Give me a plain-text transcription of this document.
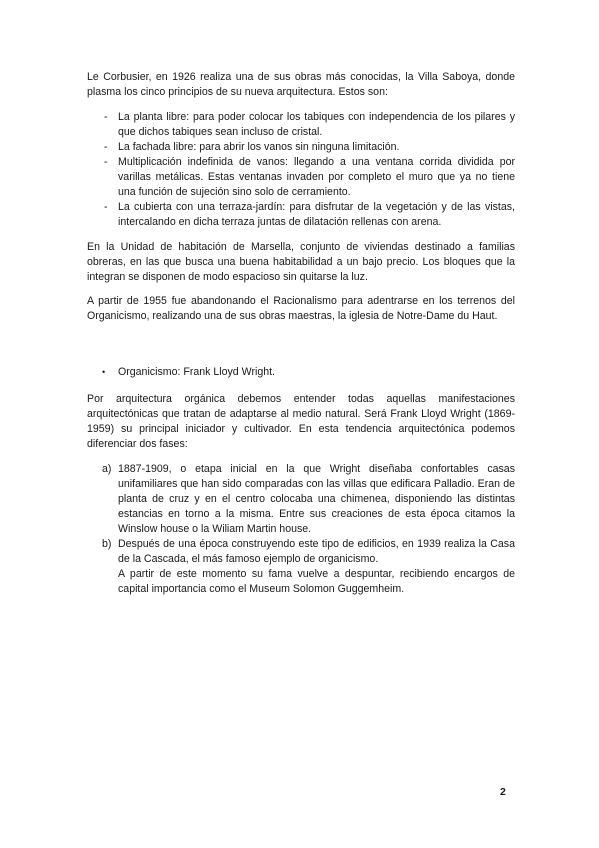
Le Corbusier, en 1926 realiza una de sus obras más conocidas, la Villa Saboya, donde plasma los cinco principios de su nueva arquitectura. Estos son:

- La planta libre: para poder colocar los tabiques con independencia de los pilares y que dichos tabiques sean incluso de cristal.
- La fachada libre: para abrir los vanos sin ninguna limitación.
- Multiplicación indefinida de vanos: llegando a una ventana corrida dividida por varillas metálicas. Estas ventanas invaden por completo el muro que ya no tiene una función de sujeción sino solo de cerramiento.
- La cubierta con una terraza-jardín: para disfrutar de la vegetación y de las vistas, intercalando en dicha terraza juntas de dilatación rellenas con arena.

En la Unidad de habitación de Marsella, conjunto de viviendas destinado a familias obreras, en las que busca una buena habitabilidad a un bajo precio. Los bloques que la integran se disponen de modo espacioso sin quitarse la luz.

A partir de 1955 fue abandonando el Racionalismo para adentrarse en los terrenos del Organicismo, realizando una de sus obras maestras, la iglesia de Notre-Dame du Haut.

• Organicismo: Frank Lloyd Wright.

Por arquitectura orgánica debemos entender todas aquellas manifestaciones arquitectónicas que tratan de adaptarse al medio natural. Será Frank Lloyd Wright (1869-1959) su principal iniciador y cultivador. En esta tendencia arquitectónica podemos diferenciar dos fases:

a) 1887-1909, o etapa inicial en la que Wright diseñaba confortables casas unifamiliares que han sido comparadas con las villas que edificara Palladio. Eran de planta de cruz y en el centro colocaba una chimenea, disponiendo las distintas estancias en torno a la misma. Entre sus creaciones de esta época citamos la Winslow house o la Wiliam Martin house.
b) Después de una época construyendo este tipo de edificios, en 1939 realiza la Casa de la Cascada, el más famoso ejemplo de organicismo.
A partir de este momento su fama vuelve a despuntar, recibiendo encargos de capital importancia como el Museum Solomon Guggemheim.
2
